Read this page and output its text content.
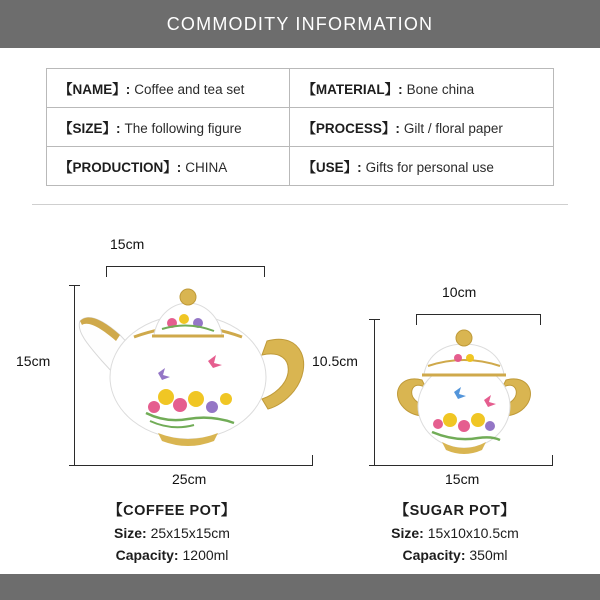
COMMODITY INFORMATION
【NAME】: Coffee and tea set	【MATERIAL】: Bone china
【SIZE】: The following figure	【PROCESS】: Gilt / floral paper
【PRODUCTION】: CHINA	【USE】: Gifts for personal use
15cm
15cm
25cm
【COFFEE POT】
Size: 25x15x15cm
Capacity: 1200ml
10cm
10.5cm
15cm
【SUGAR POT】
Size: 15x10x10.5cm
Capacity: 350ml
